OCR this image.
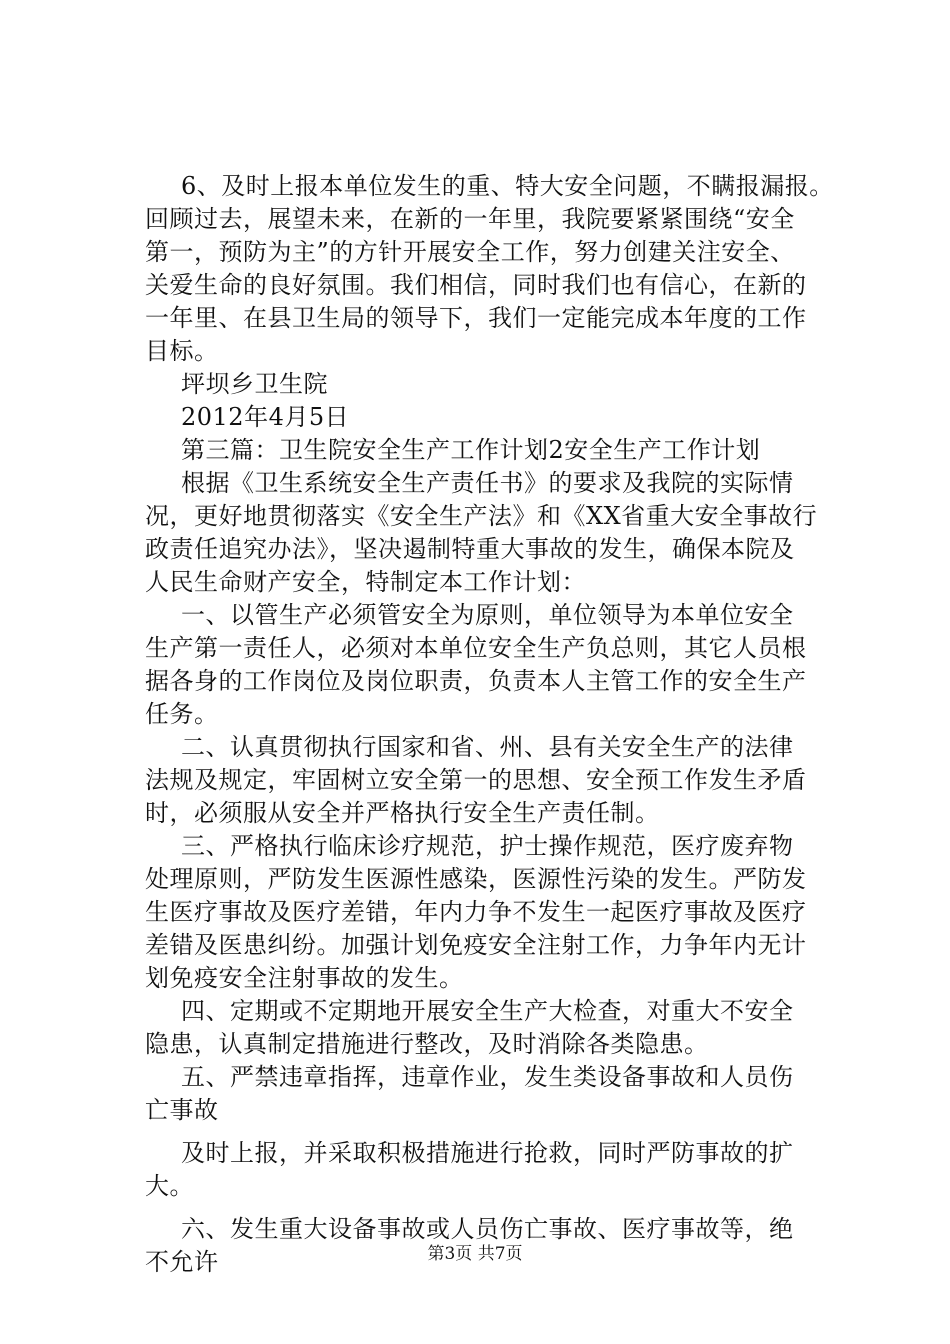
6、及时上报本单位发生的重、特大安全问题，不瞒报漏报。
回顾过去，展望未来，在新的一年里，我院要紧紧围绕“安全
第一，预防为主”的方针开展安全工作，努力创建关注安全、
关爱生命的良好氛围。我们相信，同时我们也有信心，在新的
一年里、在县卫生局的领导下，我们一定能完成本年度的工作
目标。
坪坝乡卫生院
2012年4月5日
第三篇：卫生院安全生产工作计划2安全生产工作计划
根据《卫生系统安全生产责任书》的要求及我院的实际情
况，更好地贯彻落实《安全生产法》和《XX省重大安全事故行
政责任追究办法》，坚决遏制特重大事故的发生，确保本院及
人民生命财产安全，特制定本工作计划：
一、以管生产必须管安全为原则，单位领导为本单位安全
生产第一责任人，必须对本单位安全生产负总则，其它人员根
据各身的工作岗位及岗位职责，负责本人主管工作的安全生产
任务。
二、认真贯彻执行国家和省、州、县有关安全生产的法律
法规及规定，牢固树立安全第一的思想、安全预工作发生矛盾
时，必须服从安全并严格执行安全生产责任制。
三、严格执行临床诊疗规范，护士操作规范，医疗废弃物
处理原则，严防发生医源性感染，医源性污染的发生。严防发
生医疗事故及医疗差错，年内力争不发生一起医疗事故及医疗
差错及医患纠纷。加强计划免疫安全注射工作，力争年内无计
划免疫安全注射事故的发生。
四、定期或不定期地开展安全生产大检查，对重大不安全
隐患，认真制定措施进行整改，及时消除各类隐患。
五、严禁违章指挥，违章作业，发生类设备事故和人员伤
亡事故
及时上报，并采取积极措施进行抢救，同时严防事故的扩
大。
六、发生重大设备事故或人员伤亡事故、医疗事故等，绝
不允许	第3页 共7页
